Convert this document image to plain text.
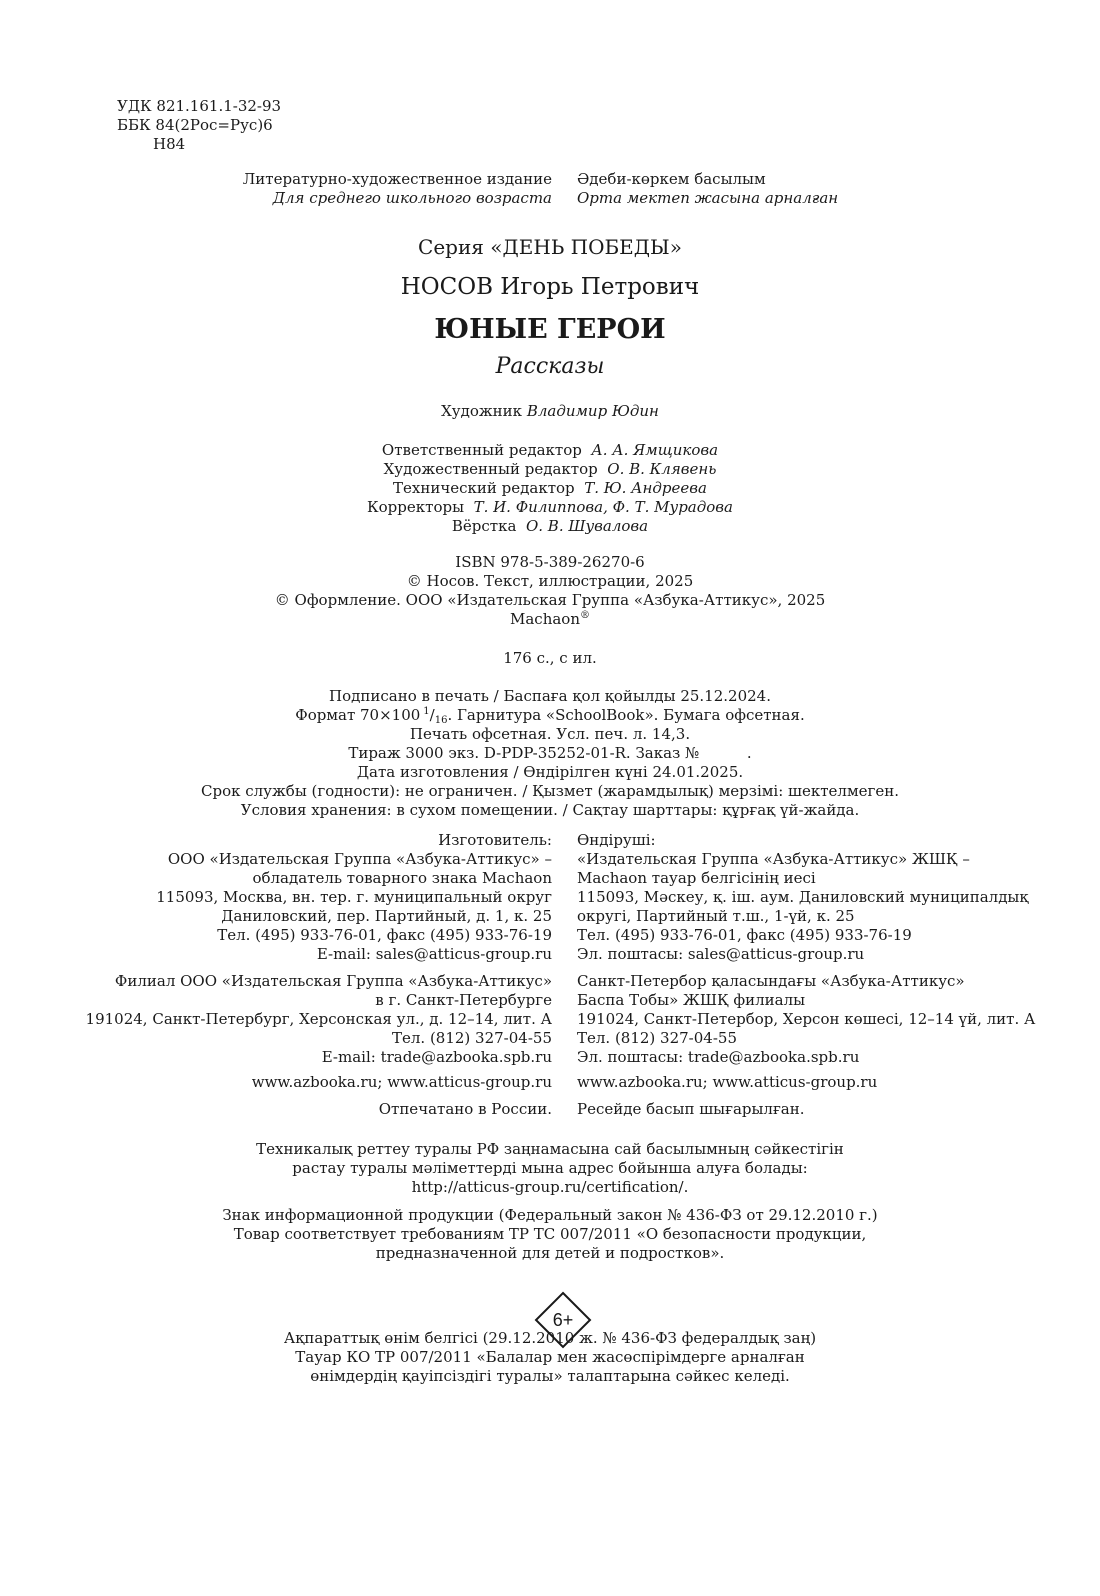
УДК 821.161.1-32-93
ББК 84(2Рос=Рус)6
Н84
Литературно-художественное издание
Для среднего школьного возраста
Әдеби-көркем басылым
Орта мектеп жасына арналған
Серия «ДЕНЬ ПОБЕДЫ»
НОСОВ Игорь Петрович
ЮНЫЕ ГЕРОИ
Рассказы
Художник Владимир Юдин
Ответственный редактор А. А. Ямщикова
Художественный редактор О. В. Клявень
Технический редактор Т. Ю. Андреева
Корректоры Т. И. Филиппова, Ф. Т. Мурадова
Вёрстка О. В. Шувалова
ISBN 978-5-389-26270-6
© Носов. Текст, иллюстрации, 2025
© Оформление. ООО «Издательская Группа «Азбука-Аттикус», 2025
Machaon®
176 с., с ил.
Подписано в печать / Баспаға қол қойылды 25.12.2024.
Формат 70×100  $^1/_{16}$. Гарнитура «SchoolBook». Бумага офсетная.
Печать офсетная. Усл. печ. л. 14,3.
Тираж 3000 экз. D-PDP-35252-01-R. Заказ №          .
Дата изготовления / Өндірілген күні 24.01.2025.
Срок службы (годности): не ограничен. / Қызмет (жарамдылық) мерзімі: шектелмеген.
Условия хранения: в сухом помещении. / Сақтау шарттары: құрғақ үй-жайда.
Изготовитель:
ООО «Издательская Группа «Азбука-Аттикус» –
обладатель товарного знака Machaon
115093, Москва, вн. тер. г. муниципальный округ
Даниловский, пер. Партийный, д. 1, к. 25
Тел. (495) 933-76-01, факс (495) 933-76-19
E-mail: sales@atticus-group.ru
Өндіруші:
«Издательская Группа «Азбука-Аттикус» ЖШҚ –
Machaon тауар белгісінің иесі
115093, Мәскеу, қ. іш. аум. Даниловский муниципалдық
округі, Партийный т.ш., 1-үй, к. 25
Тел. (495) 933-76-01, факс (495) 933-76-19
Эл. поштасы: sales@atticus-group.ru
Филиал ООО «Издательская Группа «Азбука-Аттикус»
в г. Санкт-Петербурге
191024, Санкт-Петербург, Херсонская ул., д. 12–14, лит. А
Тел. (812) 327-04-55
E-mail: trade@azbooka.spb.ru
Санкт-Петербор қаласындағы «Азбука-Аттикус»
Баспа Тобы» ЖШҚ филиалы
191024, Санкт-Петербор, Херсон көшесі, 12–14 үй, лит. А
Тел. (812) 327-04-55
Эл. поштасы: trade@azbooka.spb.ru
www.azbooka.ru; www.atticus-group.ru www.azbooka.ru; www.atticus-group.ru
Отпечатано в России. Ресейде басып шығарылған.
Техникалық реттеу туралы РФ заңнамасына сай басылымның сәйкестігін
растау туралы мәліметтерді мына адрес бойынша алуға болады:
http://atticus-group.ru/certification/.
Знак информационной продукции (Федеральный закон № 436-ФЗ от 29.12.2010 г.)
Товар соответствует требованиям ТР ТС 007/2011 «О безопасности продукции,
предназначенной для детей и подростков».
6+
Ақпараттық өнім белгісі (29.12.2010 ж. № 436-ФЗ федералдық заң)
Тауар КО ТР 007/2011 «Балалар мен жасөспірімдерге арналған
өнімдердің қауіпсіздігі туралы» талаптарына сәйкес келеді.
